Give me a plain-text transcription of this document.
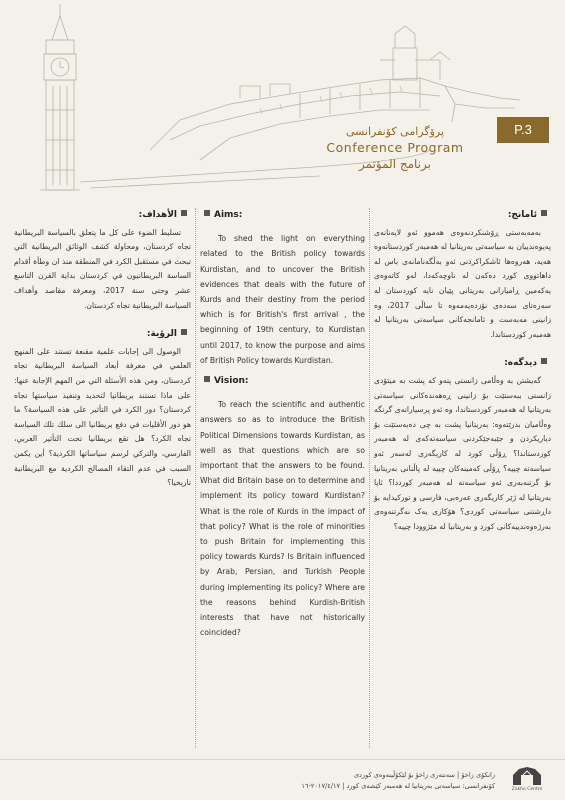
پرۆگرامی کۆنفرانسی
Conference Program
برنامج المؤتمر
P.3
الأهداف:

تسليط الضوء على كل ما يتعلق بالسياسة البريطانية تجاه كردستان، ومحاولة كشف الوثائق البريطانية التي تبحث في مستقبل الكرد في المنطقة منذ ان وطأة أقدام الساسة البريطانيون في كردستان بداية القرن التاسع عشر وحتى سنة 2017، ومعرفة مقاصد وأهداف السياسة البريطانية تجاه كردستان.

الرؤية:

الوصول الى إجابات علمية مقنعة تستند على المنهج العلمي في معرفة أبعاد السياسة البريطانية تجاه كردستان، ومن هذه الأسئلة التي من المهم الإجابة عنها: على ماذا تستند بريطانيا لتحديد وتنفيذ سياستها تجاه كردستان؟ دور الكرد في التأثير على هذه السياسة؟ ما هو دور الأقليات في دفع بريطانيا الى سلك تلك السياسة تجاه الكرد؟ هل تقع بريطانيا تحت التأثير العربي، الفارسي، والتركي لرسم سياساتها الكردية؟ أين يكمن السبب في عدم التقاء المصالح الكردية مع البريطانية تاريخيا؟

Aims:

To shed the light on everything related to the British policy towards Kurdistan, and to uncover the British evidences that deals with the future of Kurds and their destiny from the period which is for British's first arrival , the beginning of 19th century, to Kurdistan until 2017, to know the purpose and aims of British Policy towards Kurdistan.

Vision:

To reach the scientific and authentic answers so as to introduce the British Political Dimensions towards Kurdistan, as well as that questions which are so important that the answers to be found. What did Britain base on to determine and implement its policy toward Kurdistan? What is the role of Kurds in the impact of that policy? What is the role of minorities to push Britain for implementing this policy towards Kurds? Is Britain influenced by Arab, Persian, and Turkish People during implementing its policy? Where are the reasons behind Kurdish-British interests that have not historically coincided?

ئامانج:

بەمەبەستی ڕۆشنکردنەوەی هەموو ئەو لایەنانەی پەیوەندییان بە سیاسەتی بەریتانیا لە هەمبەر کوردستانەوە هەیە، هەروەها ئاشکراکردنی ئەو بەڵگەنامانەی باس لە داهاتووی کورد دەکەن لە ناوچەکەدا، لەو کاتەوەی یەکەمین ڕامیارانی بەریتانی پێیان نایە کوردستان لە سەرەتای سەدەی نۆزدەیەمەوە تا ساڵی 2017، وە زانینی مەبەست و ئامانجەکانی سیاسەتی بەریتانیا لە هەمبەر کوردستاندا.

دیدگەه:

گەیشتن بە وەڵامی زانستی پتەو کە پشت بە میتۆدی زانستی ببەستێت بۆ زانینی ڕەهەندەکانی سیاسەتی بەریتانیا لە هەمبەر کوردستاندا، وە ئەو پرسیارانەی گرنگە وەڵامیان بدرێتەوە: بەریتانیا پشت بە چی دەبەستێت بۆ دیاریکردن و جێبەجێکردنی سیاسەتەکەی لە هەمبەر کوردستاندا؟ ڕۆڵی کورد لە کاریگەری لەسەر ئەو سیاسەتە چییە؟ ڕۆڵی کەمینەکان چییە لە پاڵنانی بەریتانیا بۆ گرتنەبەری ئەو سیاسەتە لە هەمبەر کورددا؟ ئایا بەریتانیا لە ژێر کاریگەری عەرەبی، فارسی و تورکیدایە بۆ داڕشتنی سیاسەتی کوردی؟ هۆکاری یەک نەگرتنەوەی بەرژەوەندییەکانی کورد و بەریتانیا لە مێژوودا چییە؟

زانکۆی زاخۆ | سەنتەری زاخۆ بۆ لێکۆڵینەوەی کوردی
کۆنفرانسی: سیاسەتی بەریتانیا لە هەمبەر کێشەی کورد | ٢٠١٧/٤/١٧-١٦	Zakho Centre
